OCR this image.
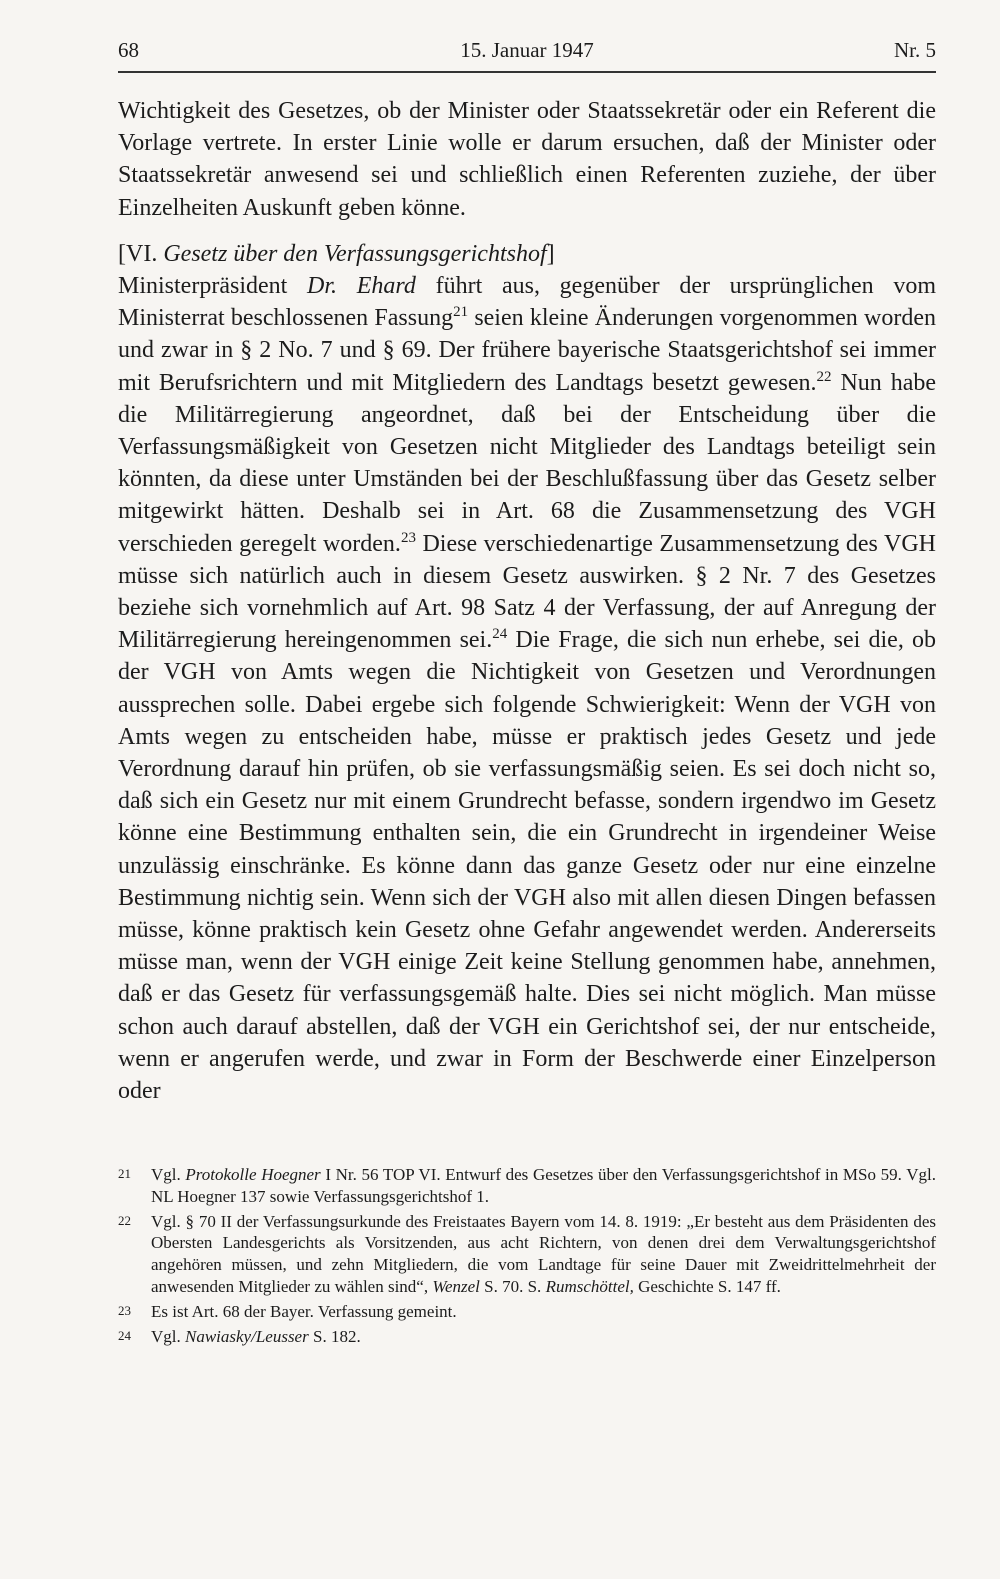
68	15. Januar 1947	Nr. 5

Wichtigkeit des Gesetzes, ob der Minister oder Staatssekretär oder ein Referent die Vorlage vertrete. In erster Linie wolle er darum ersuchen, daß der Minister oder Staatssekretär anwesend sei und schließlich einen Referenten zuziehe, der über Einzelheiten Auskunft geben könne.

[VI. Gesetz über den Verfassungsgerichtshof]

Ministerpräsident Dr. Ehard führt aus, gegenüber der ursprünglichen vom Ministerrat beschlossenen Fassung$^{21}$ seien kleine Änderungen vorgenommen worden und zwar in § 2 No. 7 und § 69. Der frühere bayerische Staatsgerichtshof sei immer mit Berufsrichtern und mit Mitgliedern des Landtags besetzt gewesen.$^{22}$ Nun habe die Militärregierung angeordnet, daß bei der Entscheidung über die Verfassungsmäßigkeit von Gesetzen nicht Mitglieder des Landtags beteiligt sein könnten, da diese unter Umständen bei der Beschlußfassung über das Gesetz selber mitgewirkt hätten. Deshalb sei in Art. 68 die Zusammensetzung des VGH verschieden geregelt worden.$^{23}$ Diese verschiedenartige Zusammensetzung des VGH müsse sich natürlich auch in diesem Gesetz auswirken. § 2 Nr. 7 des Gesetzes beziehe sich vornehmlich auf Art. 98 Satz 4 der Verfassung, der auf Anregung der Militärregierung hereingenommen sei.$^{24}$ Die Frage, die sich nun erhebe, sei die, ob der VGH von Amts wegen die Nichtigkeit von Gesetzen und Verordnungen aussprechen solle. Dabei ergebe sich folgende Schwierigkeit: Wenn der VGH von Amts wegen zu entscheiden habe, müsse er praktisch jedes Gesetz und jede Verordnung darauf hin prüfen, ob sie verfassungsmäßig seien. Es sei doch nicht so, daß sich ein Gesetz nur mit einem Grundrecht befasse, sondern irgendwo im Gesetz könne eine Bestimmung enthalten sein, die ein Grundrecht in irgendeiner Weise unzulässig einschränke. Es könne dann das ganze Gesetz oder nur eine einzelne Bestimmung nichtig sein. Wenn sich der VGH also mit allen diesen Dingen befassen müsse, könne praktisch kein Gesetz ohne Gefahr angewendet werden. Andererseits müsse man, wenn der VGH einige Zeit keine Stellung genommen habe, annehmen, daß er das Gesetz für verfassungsgemäß halte. Dies sei nicht möglich. Man müsse schon auch darauf abstellen, daß der VGH ein Gerichtshof sei, der nur entscheide, wenn er angerufen werde, und zwar in Form der Beschwerde einer Einzelperson oder

21 Vgl. Protokolle Hoegner I Nr. 56 TOP VI. Entwurf des Gesetzes über den Verfassungsgerichtshof in MSo 59. Vgl. NL Hoegner 137 sowie Verfassungsgerichtshof 1.

22 Vgl. § 70 II der Verfassungsurkunde des Freistaates Bayern vom 14. 8. 1919: „Er besteht aus dem Präsidenten des Obersten Landesgerichts als Vorsitzenden, aus acht Richtern, von denen drei dem Verwaltungsgerichtshof angehören müssen, und zehn Mitgliedern, die vom Landtage für seine Dauer mit Zweidrittelmehrheit der anwesenden Mitglieder zu wählen sind“, Wenzel S. 70. S. Rumschöttel, Geschichte S. 147 ff.

23 Es ist Art. 68 der Bayer. Verfassung gemeint.

24 Vgl. Nawiasky/Leusser S. 182.
